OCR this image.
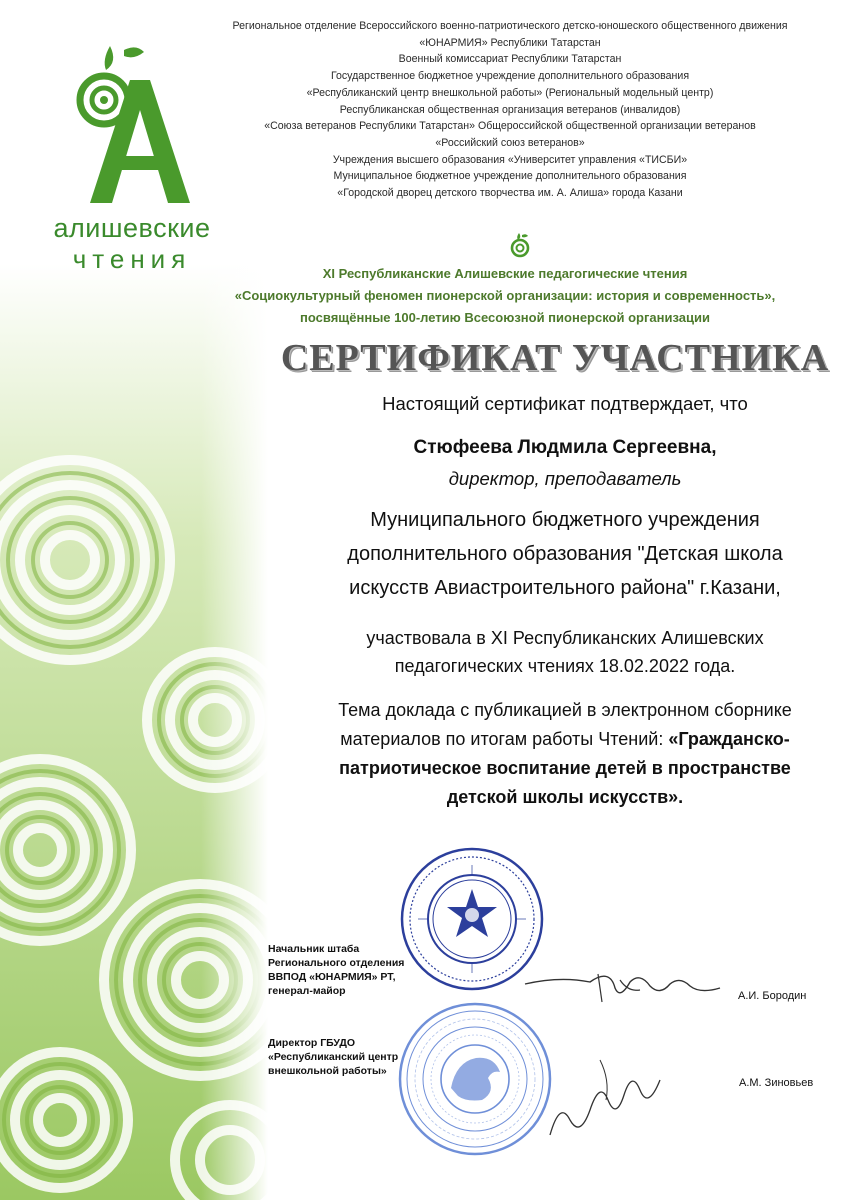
алишевские
чтения
Региональное отделение Всероссийского военно-патриотического детско-юношеского общественного движения
«ЮНАРМИЯ» Республики Татарстан
Военный комиссариат Республики Татарстан
Государственное бюджетное учреждение дополнительного образования
«Республиканский центр внешкольной работы» (Региональный модельный центр)
Республиканская общественная организация ветеранов (инвалидов)
«Союза ветеранов Республики Татарстан» Общероссийской общественной организации ветеранов
«Российский союз ветеранов»
Учреждения высшего образования «Университет управления «ТИСБИ»
Муниципальное бюджетное учреждение дополнительного образования
«Городской дворец детского творчества им. А. Алиша» города Казани
XI Республиканские Алишевские педагогические чтения
«Социокультурный феномен пионерской организации: история и современность»,
посвящённые 100-летию Всесоюзной пионерской организации
СЕРТИФИКАТ УЧАСТНИКА
Настоящий сертификат подтверждает, что
Стюфеева Людмила Сергеевна,
директор, преподаватель
Муниципального бюджетного учреждения
дополнительного образования "Детская школа
искусств Авиастроительного района" г.Казани,
участвовала в XI Республиканских Алишевских
педагогических чтениях 18.02.2022 года.
Тема доклада с публикацией в электронном сборнике
материалов по итогам работы Чтений: «Гражданско-
патриотическое воспитание детей в пространстве
детской школы искусств».
Начальник штаба
Регионального отделения
ВВПОД «ЮНАРМИЯ» РТ,
генерал-майор	А.И. Бородин
Директор ГБУДО
«Республиканский центр
внешкольной работы»
А.М. Зиновьев
